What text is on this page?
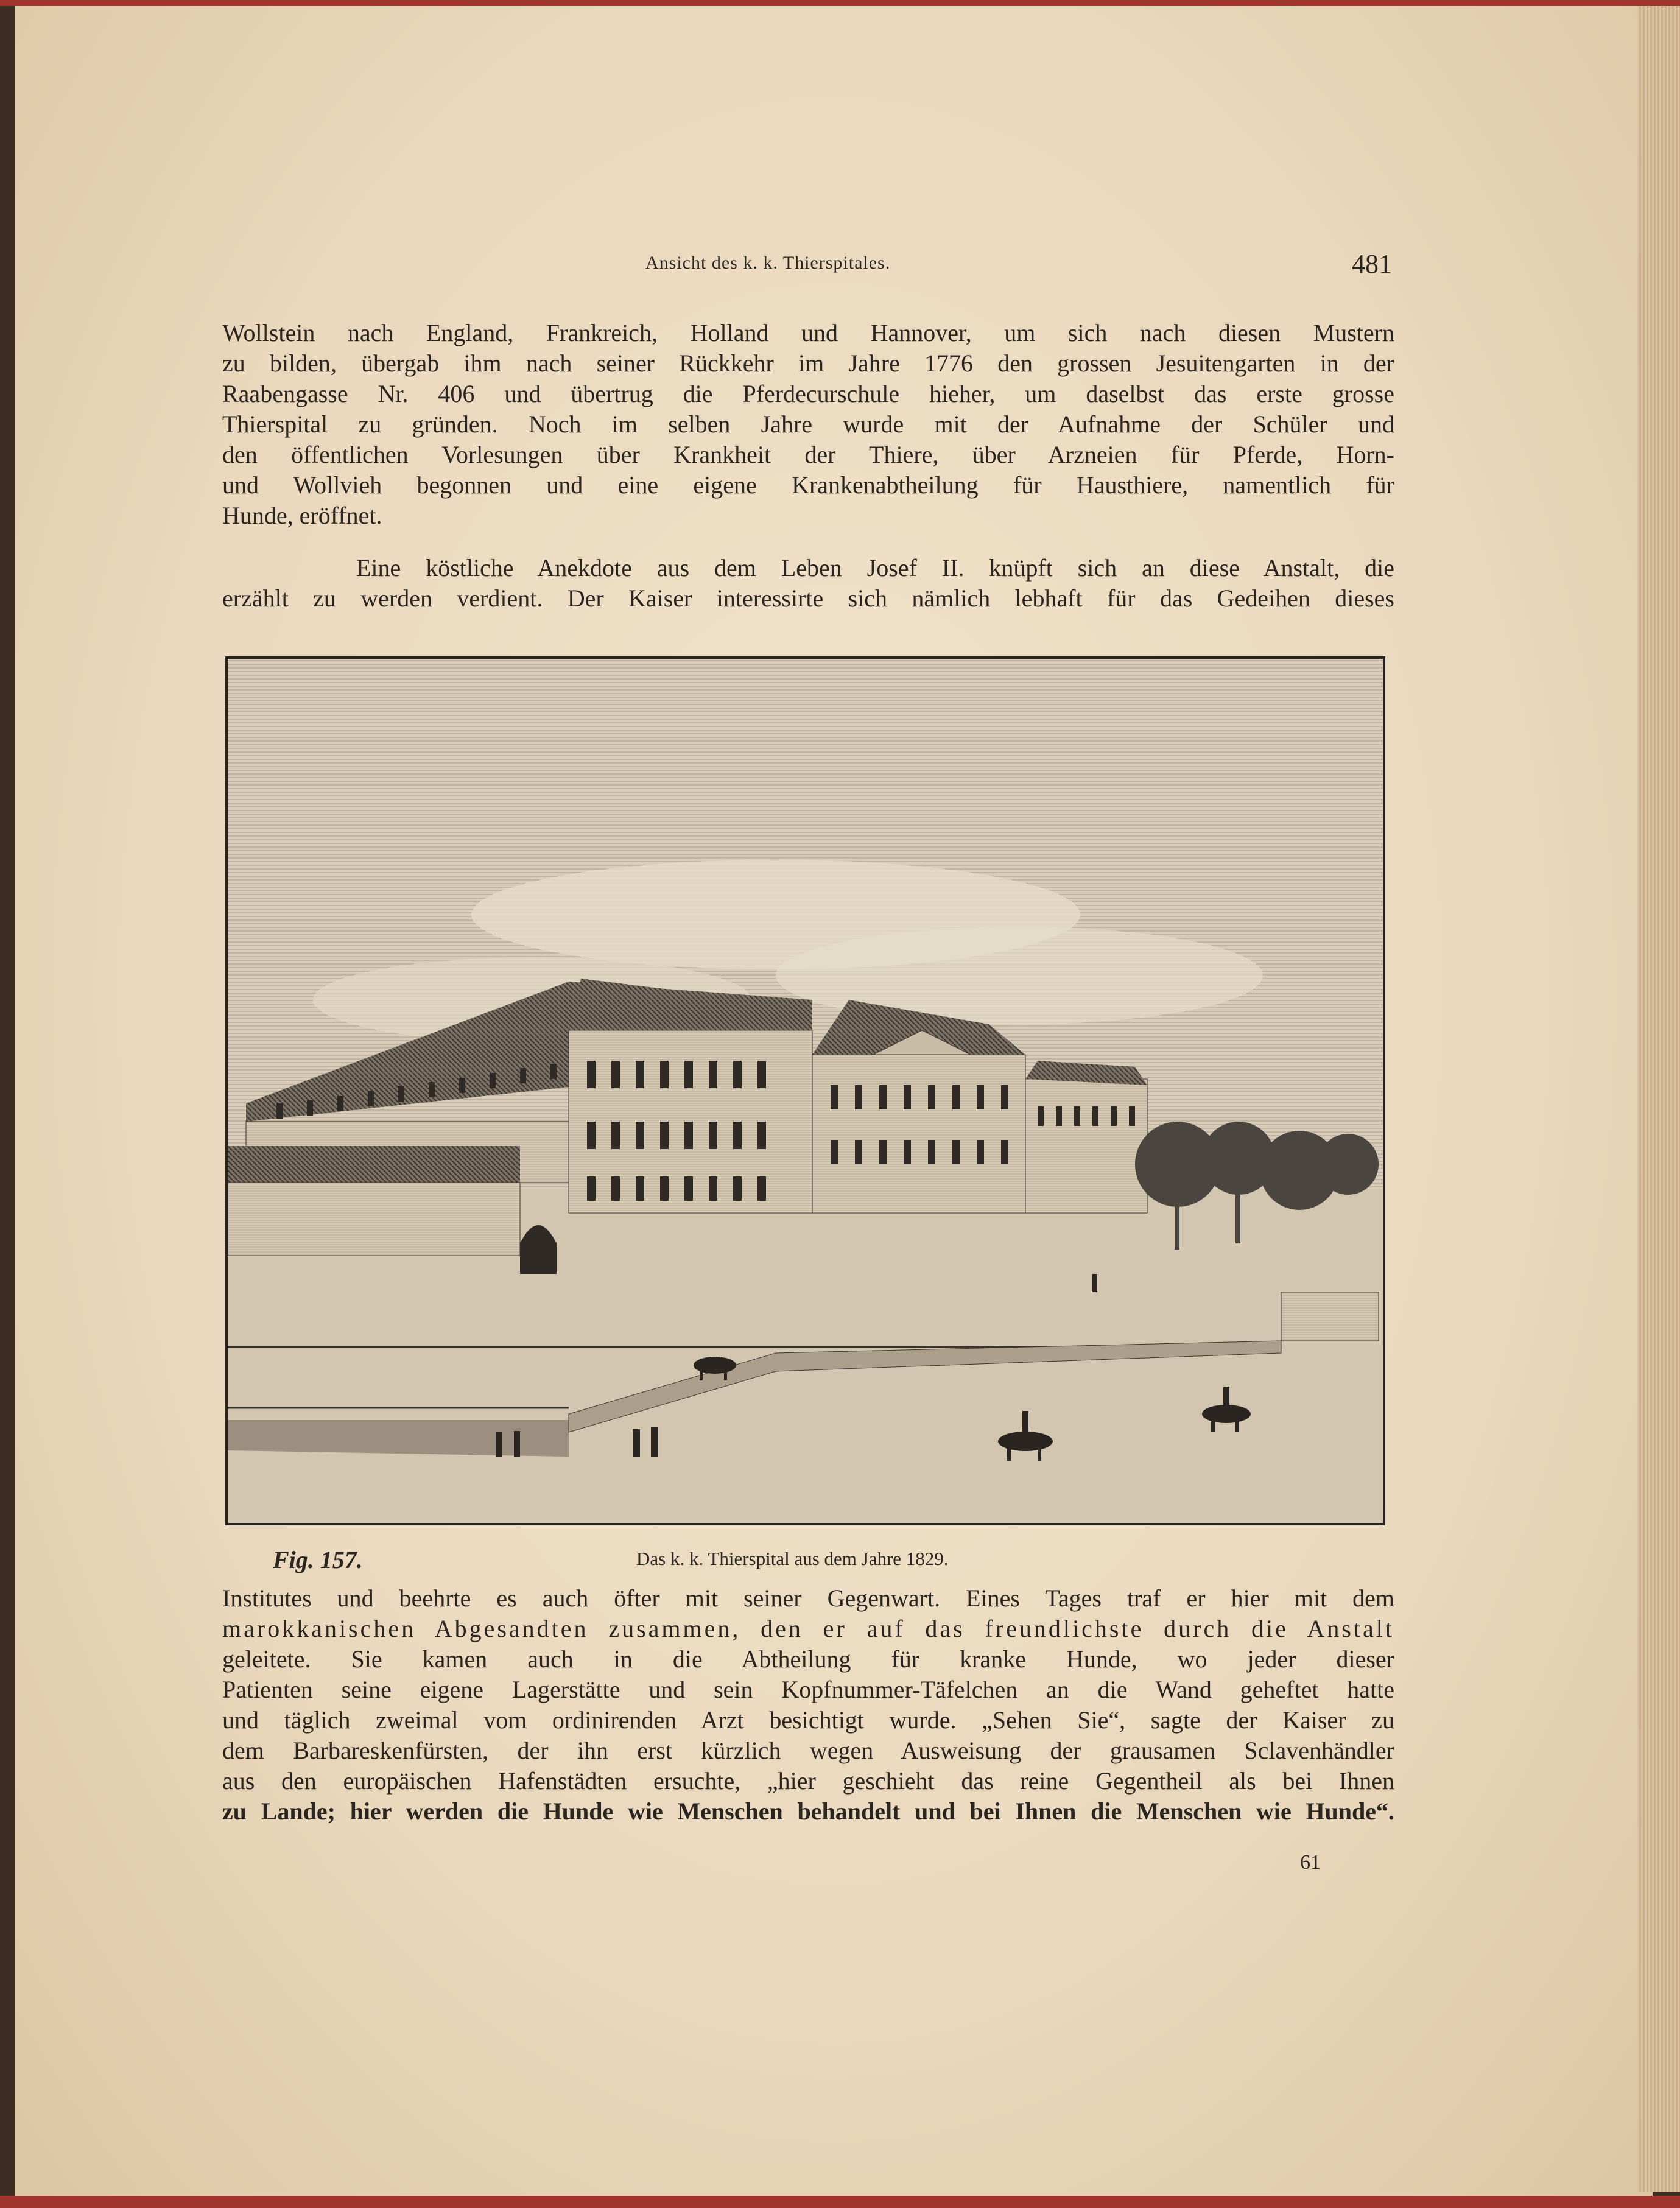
Ansicht des k. k. Thierspitales.	481
Wollstein nach England, Frankreich, Holland und Hannover, um sich nach diesen Mustern
zu bilden, übergab ihm nach seiner Rückkehr im Jahre 1776 den grossen Jesuitengarten in der
Raabengasse Nr. 406 und übertrug die Pferdecurschule hieher, um daselbst das erste grosse
Thierspital zu gründen. Noch im selben Jahre wurde mit der Aufnahme der Schüler und
den öffentlichen Vorlesungen über Krankheit der Thiere, über Arzneien für Pferde, Horn-
und Wollvieh begonnen und eine eigene Krankenabtheilung für Hausthiere, namentlich für
Hunde, eröffnet.
Eine köstliche Anekdote aus dem Leben Josef II. knüpft sich an diese Anstalt, die
erzählt zu werden verdient. Der Kaiser interessirte sich nämlich lebhaft für das Gedeihen dieses
Fig. 157.	Das k. k. Thierspital aus dem Jahre 1829.
Institutes und beehrte es auch öfter mit seiner Gegenwart. Eines Tages traf er hier mit dem
marokkanischen Abgesandten zusammen, den er auf das freundlichste durch die Anstalt
geleitete. Sie kamen auch in die Abtheilung für kranke Hunde, wo jeder dieser
Patienten seine eigene Lagerstätte und sein Kopfnummer-Täfelchen an die Wand geheftet hatte
und täglich zweimal vom ordinirenden Arzt besichtigt wurde. „Sehen Sie“, sagte der Kaiser zu
dem Barbareskenfürsten, der ihn erst kürzlich wegen Ausweisung der grausamen Sclavenhändler
aus den europäischen Hafenstädten ersuchte, „hier geschieht das reine Gegentheil als bei Ihnen
zu Lande; hier werden die Hunde wie Menschen behandelt und bei Ihnen die Menschen wie Hunde“.
61
